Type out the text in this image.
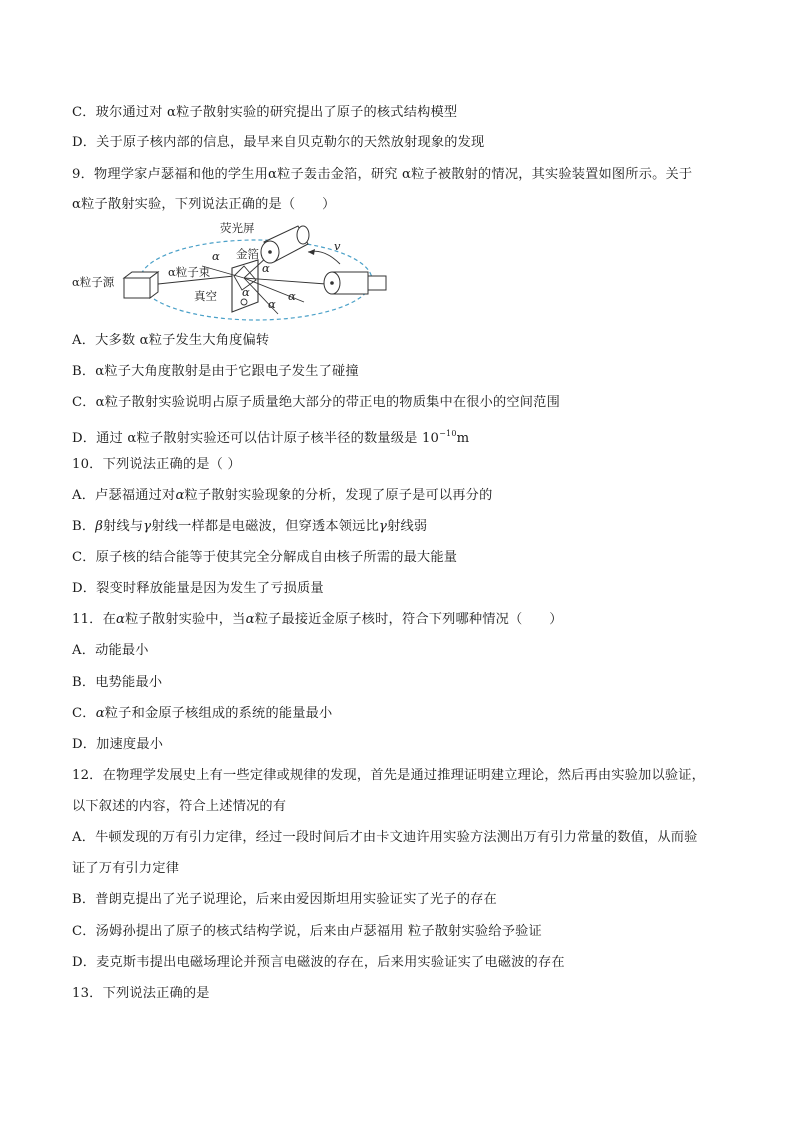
C．玻尔通过对 α粒子散射实验的研究提出了原子的核式结构模型
D．关于原子核内部的信息，最早来自贝克勒尔的天然放射现象的发现
9．物理学家卢瑟福和他的学生用α粒子轰击金箔，研究 α粒子被散射的情况，其实验装置如图所示。关于
α粒子散射实验，下列说法正确的是（　　）
荧光屏
金箔
α粒子源
α粒子束
真空
v
α
α
α
α
α
A．大多数 α粒子发生大角度偏转
B．α粒子大角度散射是由于它跟电子发生了碰撞
C．α粒子散射实验说明占原子质量绝大部分的带正电的物质集中在很小的空间范围
D．通过 α粒子散射实验还可以估计原子核半径的数量级是 $10^{-10}m$
10．下列说法正确的是（ ）
A．卢瑟福通过对α粒子散射实验现象的分析，发现了原子是可以再分的
B．β射线与γ射线一样都是电磁波，但穿透本领远比γ射线弱
C．原子核的结合能等于使其完全分解成自由核子所需的最大能量
D．裂变时释放能量是因为发生了亏损质量
11．在α粒子散射实验中，当α粒子最接近金原子核时，符合下列哪种情况（　　）
A．动能最小
B．电势能最小
C．α粒子和金原子核组成的系统的能量最小
D．加速度最小
12．在物理学发展史上有一些定律或规律的发现，首先是通过推理证明建立理论，然后再由实验加以验证，
以下叙述的内容，符合上述情况的有
A．牛顿发现的万有引力定律，经过一段时间后才由卡文迪许用实验方法测出万有引力常量的数值，从而验
证了万有引力定律
B．普朗克提出了光子说理论，后来由爱因斯坦用实验证实了光子的存在
C．汤姆孙提出了原子的核式结构学说，后来由卢瑟福用 粒子散射实验给予验证
D．麦克斯韦提出电磁场理论并预言电磁波的存在，后来用实验证实了电磁波的存在
13．下列说法正确的是
